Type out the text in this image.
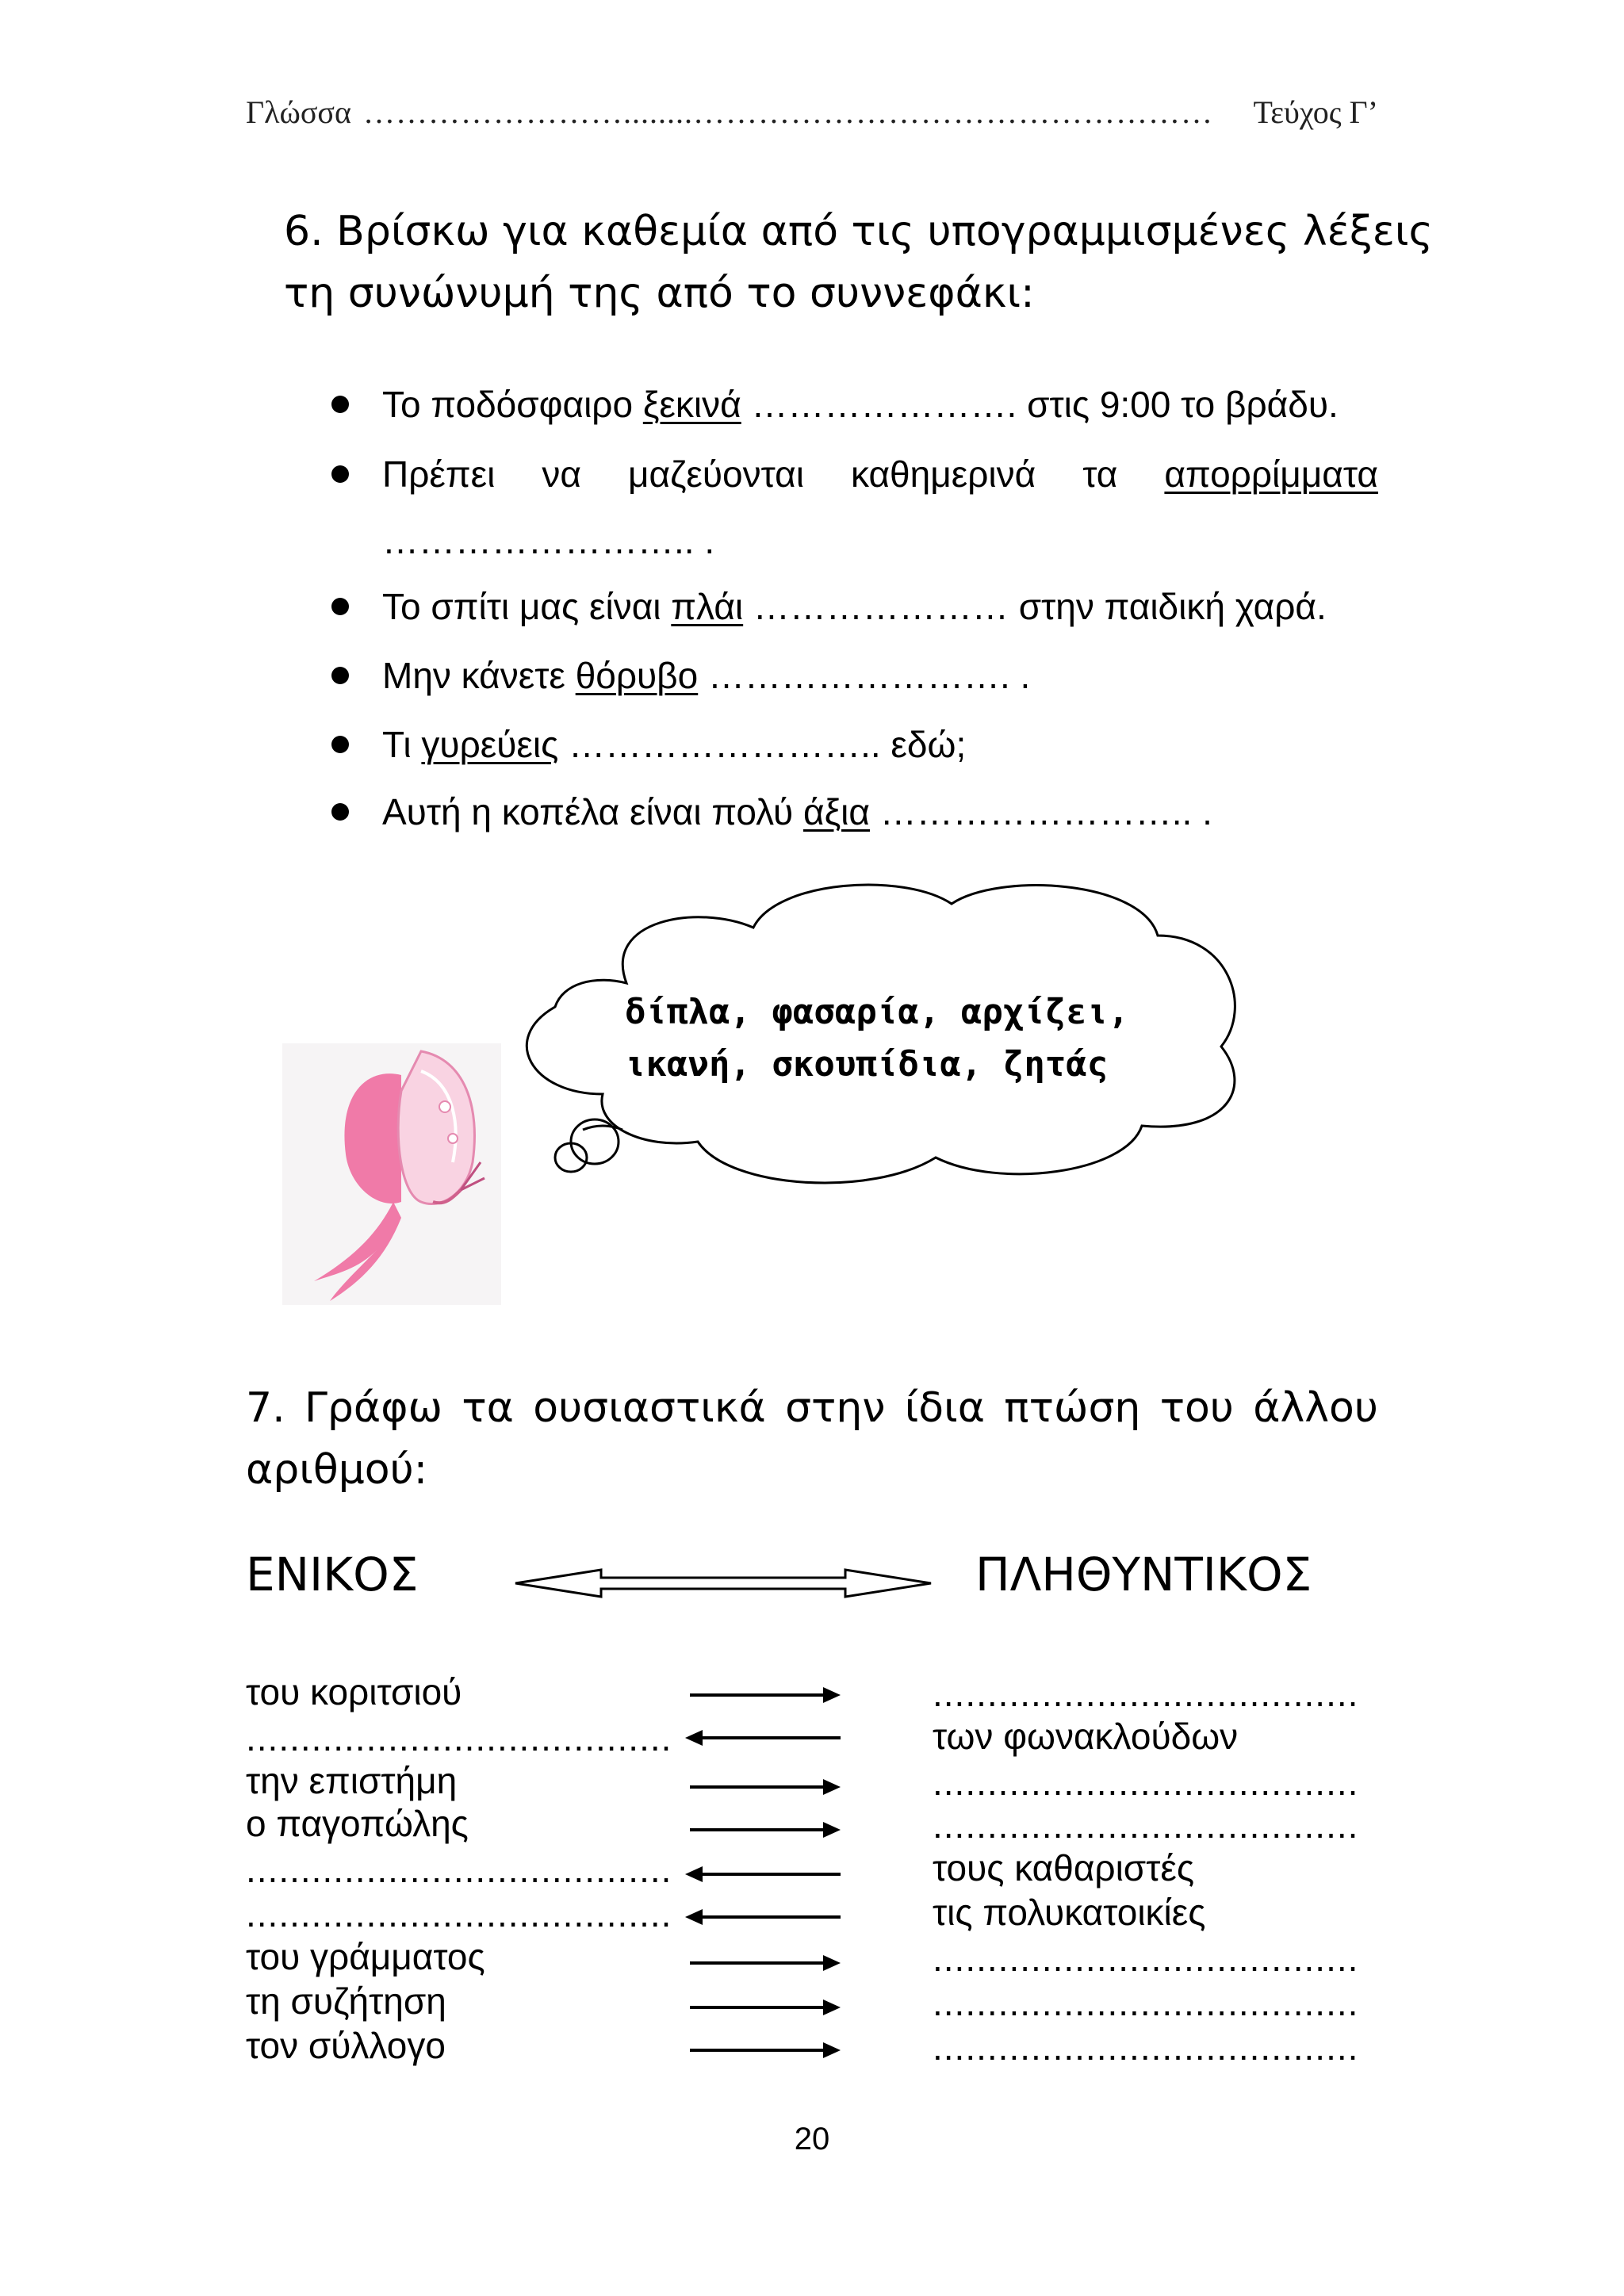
Γλώσσα ……………………........…………………………………………	Τεύχος Γ’
6. Βρίσκω για καθεμία από τις υπογραμμισμένες λέξεις
τη συνώνυμή της από το συννεφάκι:
Το ποδόσφαιρο ξεκινά …………………. στις 9:00 το βράδυ.
Πρέπει να μαζεύονται καθημερινά τα απορρίμματα
…………………….. .
Το σπίτι μας είναι πλάι ………………… στην παιδική χαρά.
Μην κάνετε θόρυβο ……………………. .
Τι γυρεύεις …………………….. εδώ;
Αυτή η κοπέλα είναι πολύ άξια …………………….. .
δίπλα, φασαρία, αρχίζει,
ικανή, σκουπίδια, ζητάς
7. Γράφω τα ουσιαστικά στην ίδια πτώση του άλλου
αριθμού:
ΕΝΙΚΟΣ	ΠΛΗΘΥΝΤΙΚΟΣ
του κοριτσιού	.......................................
.......................................	των φωνακλούδων
την επιστήμη	.......................................
ο παγοπώλης	.......................................
.......................................	τους καθαριστές
.......................................	τις πολυκατοικίες
του γράμματος	.......................................
τη συζήτηση	.......................................
τον σύλλογο	.......................................
20
